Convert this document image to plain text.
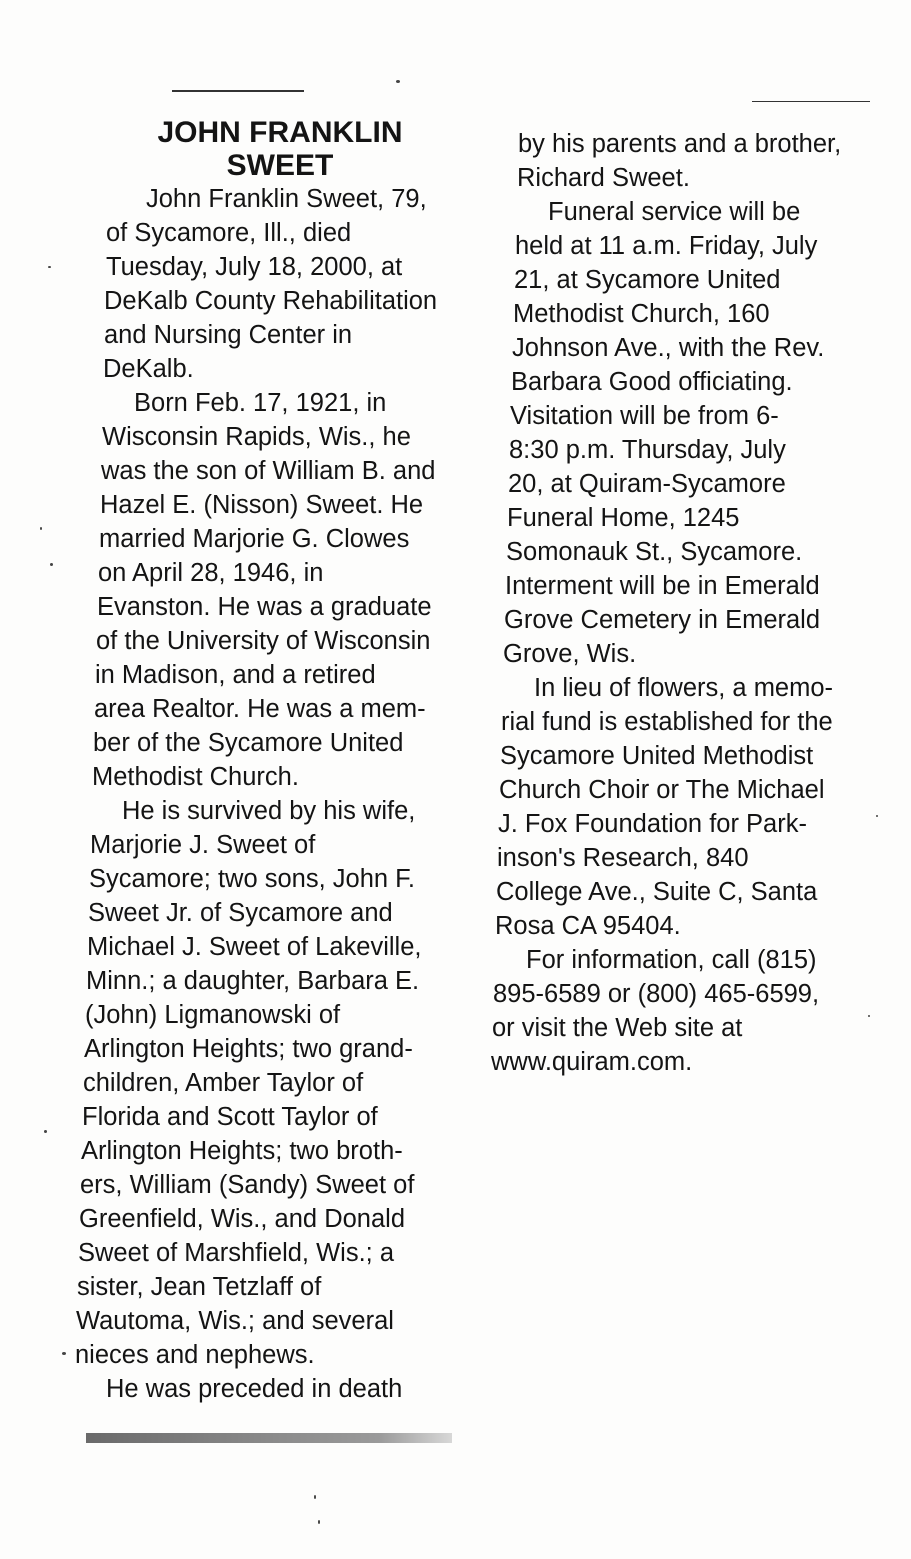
JOHN FRANKLIN
SWEET
John Franklin Sweet, 79,
of Sycamore, Ill., died
Tuesday, July 18, 2000, at
DeKalb County Rehabilitation
and Nursing Center in
DeKalb.
Born Feb. 17, 1921, in
Wisconsin Rapids, Wis., he
was the son of William B. and
Hazel E. (Nisson) Sweet. He
married Marjorie G. Clowes
on April 28, 1946, in
Evanston. He was a graduate
of the University of Wisconsin
in Madison, and a retired
area Realtor. He was a mem-
ber of the Sycamore United
Methodist Church.
He is survived by his wife,
Marjorie J. Sweet of
Sycamore; two sons, John F.
Sweet Jr. of Sycamore and
Michael J. Sweet of Lakeville,
Minn.; a daughter, Barbara E.
(John) Ligmanowski of
Arlington Heights; two grand-
children, Amber Taylor of
Florida and Scott Taylor of
Arlington Heights; two broth-
ers, William (Sandy) Sweet of
Greenfield, Wis., and Donald
Sweet of Marshfield, Wis.; a
sister, Jean Tetzlaff of
Wautoma, Wis.; and several
nieces and nephews.
He was preceded in death
by his parents and a brother,
Richard Sweet.
Funeral service will be
held at 11 a.m. Friday, July
21, at Sycamore United
Methodist Church, 160
Johnson Ave., with the Rev.
Barbara Good officiating.
Visitation will be from 6-
8:30 p.m. Thursday, July
20, at Quiram-Sycamore
Funeral Home, 1245
Somonauk St., Sycamore.
Interment will be in Emerald
Grove Cemetery in Emerald
Grove, Wis.
In lieu of flowers, a memo-
rial fund is established for the
Sycamore United Methodist
Church Choir or The Michael
J. Fox Foundation for Park-
inson's Research, 840
College Ave., Suite C, Santa
Rosa CA 95404.
For information, call (815)
895-6589 or (800) 465-6599,
or visit the Web site at
www.quiram.com.
